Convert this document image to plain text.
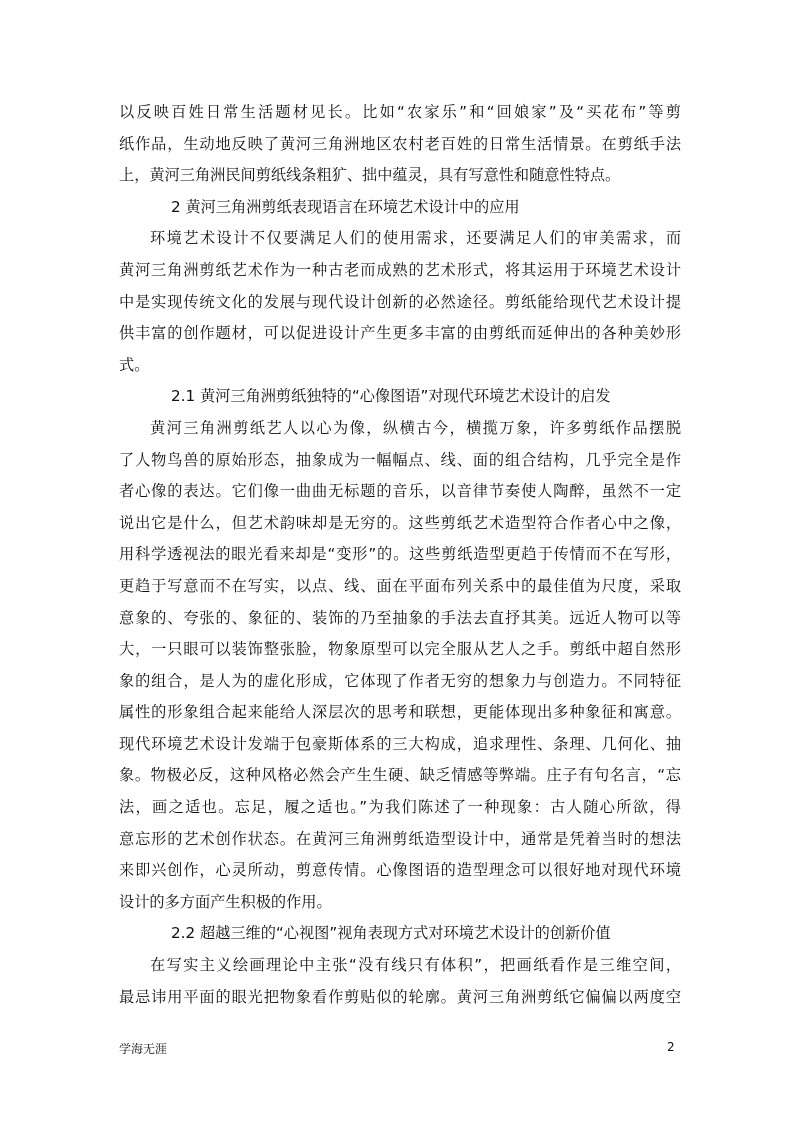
以反映百姓日常生活题材见长。比如“农家乐”和“回娘家”及“买花布”等剪
纸作品，生动地反映了黄河三角洲地区农村老百姓的日常生活情景。在剪纸手法
上，黄河三角洲民间剪纸线条粗犷、拙中蕴灵，具有写意性和随意性特点。
2 黄河三角洲剪纸表现语言在环境艺术设计中的应用
环境艺术设计不仅要满足人们的使用需求，还要满足人们的审美需求，而
黄河三角洲剪纸艺术作为一种古老而成熟的艺术形式，将其运用于环境艺术设计
中是实现传统文化的发展与现代设计创新的必然途径。剪纸能给现代艺术设计提
供丰富的创作题材，可以促进设计产生更多丰富的由剪纸而延伸出的各种美妙形
式。
2.1 黄河三角洲剪纸独特的“心像图语”对现代环境艺术设计的启发
黄河三角洲剪纸艺人以心为像，纵横古今，横揽万象，许多剪纸作品摆脱
了人物鸟兽的原始形态，抽象成为一幅幅点、线、面的组合结构，几乎完全是作
者心像的表达。它们像一曲曲无标题的音乐，以音律节奏使人陶醉，虽然不一定
说出它是什么，但艺术韵味却是无穷的。这些剪纸艺术造型符合作者心中之像，
用科学透视法的眼光看来却是“变形”的。这些剪纸造型更趋于传情而不在写形，
更趋于写意而不在写实，以点、线、面在平面布列关系中的最佳值为尺度，采取
意象的、夸张的、象征的、装饰的乃至抽象的手法去直抒其美。远近人物可以等
大，一只眼可以装饰整张脸，物象原型可以完全服从艺人之手。剪纸中超自然形
象的组合，是人为的虚化形成，它体现了作者无穷的想象力与创造力。不同特征
属性的形象组合起来能给人深层次的思考和联想，更能体现出多种象征和寓意。
现代环境艺术设计发端于包豪斯体系的三大构成，追求理性、条理、几何化、抽
象。物极必反，这种风格必然会产生生硬、缺乏情感等弊端。庄子有句名言，“忘
法，画之适也。忘足，履之适也。”为我们陈述了一种现象：古人随心所欲，得
意忘形的艺术创作状态。在黄河三角洲剪纸造型设计中，通常是凭着当时的想法
来即兴创作，心灵所动，剪意传情。心像图语的造型理念可以很好地对现代环境
设计的多方面产生积极的作用。
2.2 超越三维的“心视图”视角表现方式对环境艺术设计的创新价值
在写实主义绘画理论中主张“没有线只有体积”，把画纸看作是三维空间，
最忌讳用平面的眼光把物象看作剪贴似的轮廓。黄河三角洲剪纸它偏偏以两度空
学海无涯	2
